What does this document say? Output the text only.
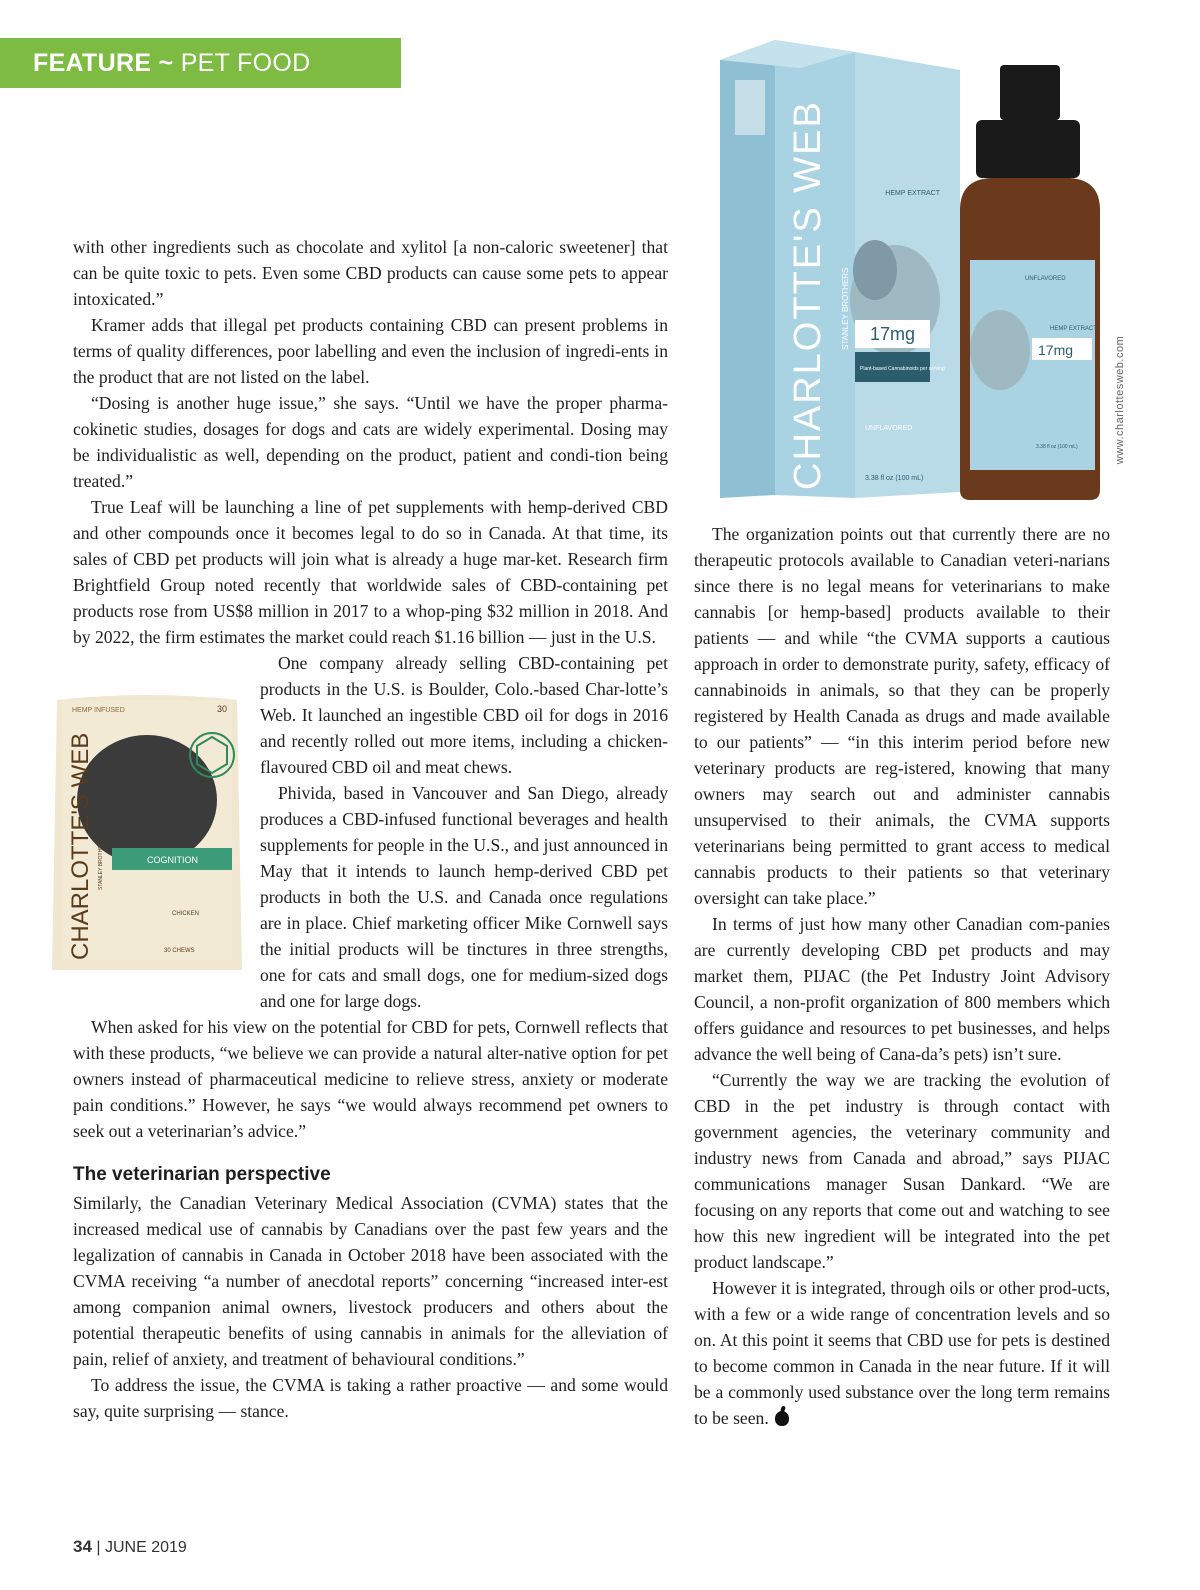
FEATURE ~ PET FOOD
CHARLOTTE'S WEB STANLEY BROTHERS
HEMP EXTRACT
17mg
Plant-based Cannabinoids per serving
UNFLAVORED
3.38 fl oz (100 mL)
UNFLAVORED
HEMP EXTRACT
17mg
3.38 fl oz (100 mL)	www.charlottesweb.com
HEMP INFUSED	30
CHARLOTTE'S WEB STANLEY BROTHERS	COGNITION
CHICKEN
30 CHEWS

with other ingredients such as chocolate and xylitol [a non-caloric sweetener] that can be quite toxic to pets. Even some CBD products can cause some pets to appear intoxicated.”

Kramer adds that illegal pet products containing CBD can present problems in terms of quality differences, poor labelling and even the inclusion of ingredi-ents in the product that are not listed on the label.

“Dosing is another huge issue,” she says. “Until we have the proper pharma-cokinetic studies, dosages for dogs and cats are widely experimental. Dosing may be individualistic as well, depending on the product, patient and condi-tion being treated.”

True Leaf will be launching a line of pet supplements with hemp-derived CBD and other compounds once it becomes legal to do so in Canada. At that time, its sales of CBD pet products will join what is already a huge mar-ket. Research firm Brightfield Group noted recently that worldwide sales of CBD-containing pet products rose from US$8 million in 2017 to a whop-ping $32 million in 2018. And by 2022, the firm estimates the market could reach $1.16 billion — just in the U.S.

One company already selling CBD-containing pet products in the U.S. is Boulder, Colo.-based Char-lotte’s Web. It launched an ingestible CBD oil for dogs in 2016 and recently rolled out more items, including a chicken-flavoured CBD oil and meat chews.

Phivida, based in Vancouver and San Diego, already produces a CBD-infused functional beverages and health supplements for people in the U.S., and just announced in May that it intends to launch hemp-derived CBD pet products in both the U.S. and Canada once regulations are in place. Chief marketing officer Mike Cornwell says the initial products will be tinctures in three strengths, one for cats and small dogs, one for medium-sized dogs and one for large dogs.

When asked for his view on the potential for CBD for pets, Cornwell reflects that with these products, “we believe we can provide a natural alter-native option for pet owners instead of pharmaceutical medicine to relieve stress, anxiety or moderate pain conditions.” However, he says “we would always recommend pet owners to seek out a veterinarian’s advice.”

The veterinarian perspective

Similarly, the Canadian Veterinary Medical Association (CVMA) states that the increased medical use of cannabis by Canadians over the past few years and the legalization of cannabis in Canada in October 2018 have been associated with the CVMA receiving “a number of anecdotal reports” concerning “increased inter-est among companion animal owners, livestock producers and others about the potential therapeutic benefits of using cannabis in animals for the alleviation of pain, relief of anxiety, and treatment of behavioural conditions.”

To address the issue, the CVMA is taking a rather proactive — and some would say, quite surprising — stance.

The organization points out that currently there are no therapeutic protocols available to Canadian veteri-narians since there is no legal means for veterinarians to make cannabis [or hemp-based] products available to their patients — and while “the CVMA supports a cautious approach in order to demonstrate purity, safety, efficacy of cannabinoids in animals, so that they can be properly registered by Health Canada as drugs and made available to our patients” — “in this interim period before new veterinary products are reg-istered, knowing that many owners may search out and administer cannabis unsupervised to their animals, the CVMA supports veterinarians being permitted to grant access to medical cannabis products to their patients so that veterinary oversight can take place.”

In terms of just how many other Canadian com-panies are currently developing CBD pet products and may market them, PIJAC (the Pet Industry Joint Advisory Council, a non-profit organization of 800 members which offers guidance and resources to pet businesses, and helps advance the well being of Cana-da’s pets) isn’t sure.

“Currently the way we are tracking the evolution of CBD in the pet industry is through contact with government agencies, the veterinary community and industry news from Canada and abroad,” says PIJAC communications manager Susan Dankard. “We are focusing on any reports that come out and watching to see how this new ingredient will be integrated into the pet product landscape.”

However it is integrated, through oils or other prod-ucts, with a few or a wide range of concentration levels and so on. At this point it seems that CBD use for pets is destined to become common in Canada in the near future. If it will be a commonly used substance over the long term remains to be seen.

34 | JUNE 2019
